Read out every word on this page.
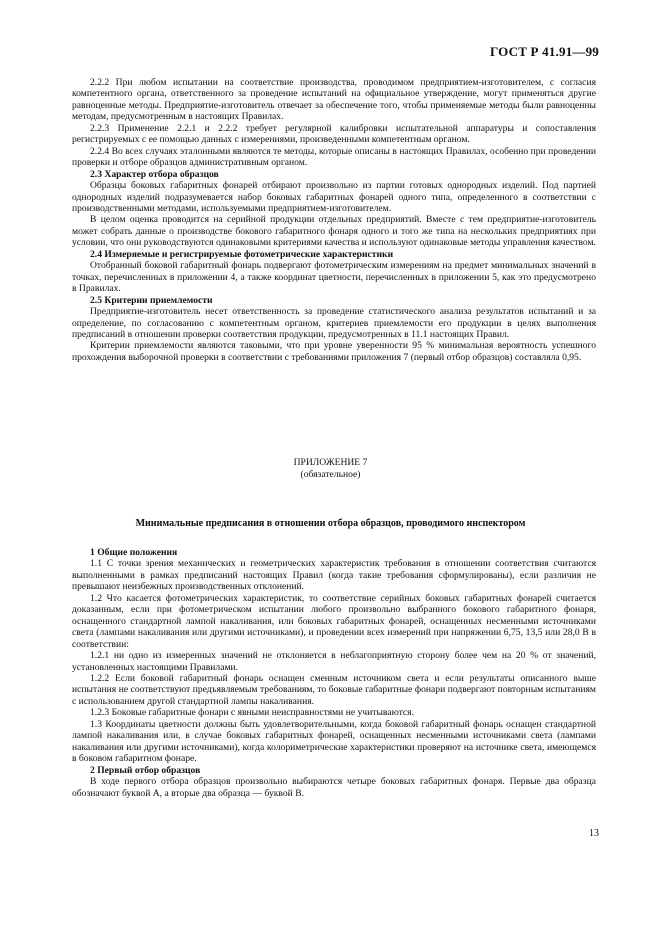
ГОСТ Р 41.91—99

2.2.2 При любом испытании на соответствие производства, проводимом предприятием-изготовителем, с согласия компетентного органа, ответственного за проведение испытаний на официальное утверждение, могут применяться другие равноценные методы. Предприятие-изготовитель отвечает за обеспечение того, чтобы применяемые методы были равноценны методам, предусмотренным в настоящих Правилах.

2.2.3 Применение 2.2.1 и 2.2.2 требует регулярной калибровки испытательной аппаратуры и сопоставления регистрируемых с ее помощью данных с измерениями, произведенными компетентным органом.

2.2.4 Во всех случаях эталонными являются те методы, которые описаны в настоящих Правилах, особенно при проведении проверки и отборе образцов административным органом.

2.3 Характер отбора образцов

Образцы боковых габаритных фонарей отбирают произвольно из партии готовых однородных изделий. Под партией однородных изделий подразумевается набор боковых габаритных фонарей одного типа, определенного в соответствии с производственными методами, используемыми предприятием-изготовителем.

В целом оценка проводится на серийной продукции отдельных предприятий. Вместе с тем предприятие-изготовитель может собрать данные о производстве бокового габаритного фонаря одного и того же типа на нескольких предприятиях при условии, что они руководствуются одинаковыми критериями качества и используют одинаковые методы управления качеством.

2.4 Измеряемые и регистрируемые фотометрические характеристики

Отобранный боковой габаритный фонарь подвергают фотометрическим измерениям на предмет минимальных значений в точках, перечисленных в приложении 4, а также координат цветности, перечисленных в приложении 5, как это предусмотрено в Правилах.

2.5 Критерии приемлемости

Предприятие-изготовитель несет ответственность за проведение статистического анализа результатов испытаний и за определение, по согласованию с компетентным органом, критериев приемлемости его продукции в целях выполнения предписаний в отношении проверки соответствия продукции, предусмотренных в 11.1 настоящих Правил.

Критерии приемлемости являются таковыми, что при уровне уверенности 95 % минимальная вероятность успешного прохождения выборочной проверки в соответствии с требованиями приложения 7 (первый отбор образцов) составляла 0,95.

ПРИЛОЖЕНИЕ 7
(обязательное)
Минимальные предписания в отношении отбора образцов, проводимого инспектором

1 Общие положения

1.1 С точки зрения механических и геометрических характеристик требования в отношении соответствия считаются выполненными в рамках предписаний настоящих Правил (когда такие требования сформулированы), если различия не превышают неизбежных производственных отклонений.

1.2 Что касается фотометрических характеристик, то соответствие серийных боковых габаритных фонарей считается доказанным, если при фотометрическом испытании любого произвольно выбранного бокового габаритного фонаря, оснащенного стандартной лампой накаливания, или боковых габаритных фонарей, оснащенных несменными источниками света (лампами накаливания или другими источниками), и проведении всех измерений при напряжении 6,75, 13,5 или 28,0 В в соответствии:

1.2.1 ни одно из измеренных значений не отклоняется в неблагоприятную сторону более чем на 20 % от значений, установленных настоящими Правилами.

1.2.2 Если боковой габаритный фонарь оснащен сменным источником света и если результаты описанного выше испытания не соответствуют предъявляемым требованиям, то боковые габаритные фонари подвергают повторным испытаниям с использованием другой стандартной лампы накаливания.

1.2.3 Боковые габаритные фонари с явными неисправностями не учитываются.

1.3 Координаты цветности должны быть удовлетворительными, когда боковой габаритный фонарь оснащен стандартной лампой накаливания или, в случае боковых габаритных фонарей, оснащенных несменными источниками света (лампами накаливания или другими источниками), когда колориметрические характеристики проверяют на источнике света, имеющемся в боковом габаритном фонаре.

2 Первый отбор образцов

В ходе первого отбора образцов произвольно выбираются четыре боковых габаритных фонаря. Первые два образца обозначают буквой А, а вторые два образца — буквой В.

13
